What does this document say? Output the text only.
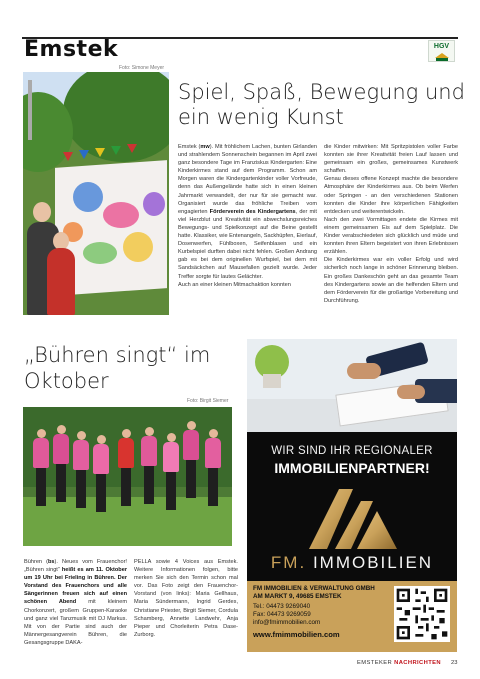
Emstek	HGV
Foto: Simone Meyer
Spiel, Spaß, Bewegung und ein wenig Kunst
Emstek (mw). Mit fröhlichem Lachen, bunten Girlanden und strahlendem Sonnenschein begannen im April zwei ganz besondere Tage im Franziskus Kindergarten: Eine Kinderkirmes stand auf dem Programm. Schon am Morgen waren die Kindergartenkinder voller Vorfreude, denn das Außengelände hatte sich in einen kleinen Jahrmarkt verwandelt, der nur für sie gemacht war. Organisiert wurde das fröhliche Treiben vom engagierten Förderverein des Kindergartens, der mit viel Herzblut und Kreativität ein abwechslungsreiches Bewegungs- und Spielkonzept auf die Beine gestellt hatte. Klassiker, wie Entenangeln, Sackhüpfen, Eierlauf, Dosenwerfen, Fühlboxen, Seifenblasen und ein Kurbelspiel durften dabei nicht fehlen. Großen Andrang gab es bei dem originellen Wurfspiel, bei dem mit Sandsäckchen auf Mausefallen gezielt wurde. Jeder Treffer sorgte für lautes Gelächter.
Auch an einer kleinen Mitmachaktion konnten
die Kinder mitwirken: Mit Spritzpistolen voller Farbe konnten sie ihrer Kreativität freien Lauf lassen und gemeinsam ein großes, gemeinsames Kunstwerk schaffen.
Genau dieses offene Konzept machte die besondere Atmosphäre der Kinderkirmes aus. Ob beim Werfen oder Springen - an den verschiedenen Stationen konnten die Kinder ihre körperlichen Fähigkeiten entdecken und weiterentwickeln.
Nach den zwei Vormittagen endete die Kirmes mit einem gemeinsamen Eis auf dem Spielplatz. Die Kinder verabschiedeten sich glücklich und müde und konnten ihren Eltern begeistert von ihren Erlebnissen erzählen.
Die Kinderkirmes war ein voller Erfolg und wird sicherlich noch lange in schöner Erinnerung bleiben. Ein großes Dankeschön geht an das gesamte Team des Kindergartens sowie an die helfenden Eltern und dem Förderverein für die großartige Vorbereitung und Durchführung.
„Bühren singt“ im Oktober
Foto: Birgit Siemer
Bühren (bs). Neues vom Frauenchor! „Bühren singt“ heißt es am 11. Oktober um 19 Uhr bei Frieling in Bühren. Der Vorstand des Frauenchors und alle Sängerinnen freuen sich auf einen schönen Abend mit kleinem Chorkonzert, großem Gruppen-Karaoke und ganz viel Tanzmusik mit DJ Markus. Mit von der Partie sind auch der Männergesangverein Bühren, die Gesangsgruppe DAKA-
PELLA sowie 4 Voices aus Emstek. Weitere Informationen folgen, bitte merken Sie sich den Termin schon mal vor. Das Foto zeigt den Frauenchor-Vorstand (von links): Maria Gellhaus, Maria Sündermann, Ingrid Gerdes, Christiane Priester, Birgit Siemer, Cordula Schamberg, Annette Landwehr, Anja Pieper und Chorleiterin Petra Dase-Zurborg.
WIR SIND IHR REGIONALER
IMMOBILIENPARTNER!
FM. IMMOBILIEN
FM IMMOBILIEN & VERWALTUNG GMBH
AM MARKT 9, 49685 EMSTEK
Tel.: 04473 9269040
Fax: 04473 9269059
info@fmimmobilien.com
www.fmimmobilien.com
EMSTEKER NACHRICHTEN 23
